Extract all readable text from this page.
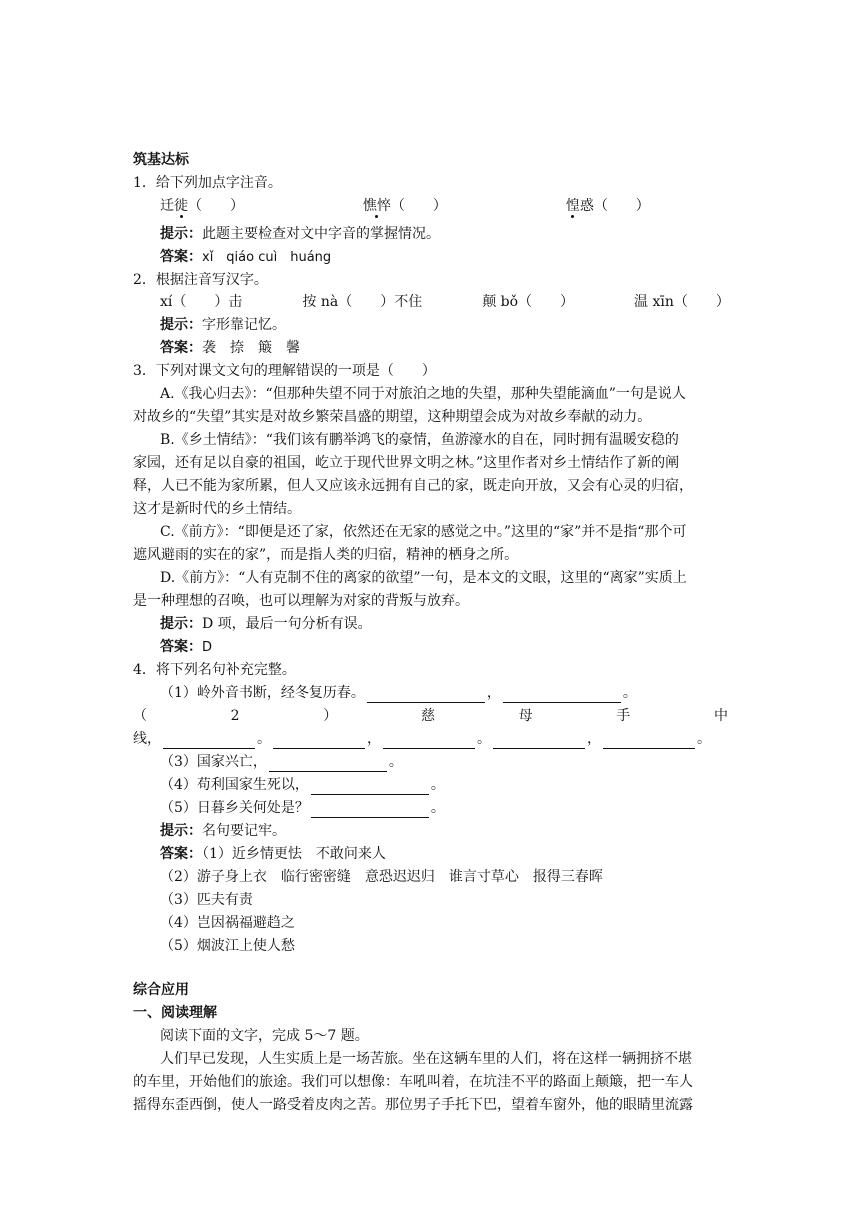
筑基达标
1．给下列加点字注音。
迁徙（　　）	憔悴（　　）	惶惑（　　）
提示：此题主要检查对文中字音的掌握情况。
答案：xǐ　qiáo cuì　huáng
2．根据注音写汉字。
xí（　　）击	按 nà（　　）不住	颠 bǒ（　　）	温 xīn（　　）
提示：字形靠记忆。
答案：袭　捺　簸　馨
3．下列对课文文句的理解错误的一项是（　　）
A.《我心归去》：“但那种失望不同于对旅泊之地的失望，那种失望能滴血”一句是说人
对故乡的“失望”其实是对故乡繁荣昌盛的期望，这种期望会成为对故乡奉献的动力。
B.《乡土情结》：“我们该有鹏举鸿飞的豪情，鱼游濠水的自在，同时拥有温暖安稳的
家园，还有足以自豪的祖国，屹立于现代世界文明之林。”这里作者对乡土情结作了新的阐
释，人已不能为家所累，但人又应该永远拥有自己的家，既走向开放，又会有心灵的归宿，
这才是新时代的乡土情结。
C.《前方》：“即便是还了家，依然还在无家的感觉之中。”这里的“家”并不是指“那个可
遮风避雨的实在的家”，而是指人类的归宿，精神的栖身之所。
D.《前方》：“人有克制不住的离家的欲望”一句，是本文的文眼，这里的“离家”实质上
是一种理想的召唤，也可以理解为对家的背叛与放弃。
提示：D 项，最后一句分析有误。
答案：D
4．将下列名句补充完整。
（1）岭外音书断，经冬复历春。	，	。
（	2	）	慈	母	手	中
线，	。	，	。	，	。
（3）国家兴亡，	。
（4）苟利国家生死以，	。
（5）日暮乡关何处是？	。
提示：名句要记牢。
答案：（1）近乡情更怯　不敢问来人
（2）游子身上衣　临行密密缝　意恐迟迟归　谁言寸草心　报得三春晖
（3）匹夫有责
（4）岂因祸福避趋之
（5）烟波江上使人愁
综合应用
一、阅读理解
阅读下面的文字，完成 5～7 题。
人们早已发现，人生实质上是一场苦旅。坐在这辆车里的人们，将在这样一辆拥挤不堪
的车里，开始他们的旅途。我们可以想像：车吼叫着，在坑洼不平的路面上颠簸，把一车人
摇得东歪西倒，使人一路受着皮肉之苦。那位男子手托下巴，望着车窗外，他的眼睛里流露
